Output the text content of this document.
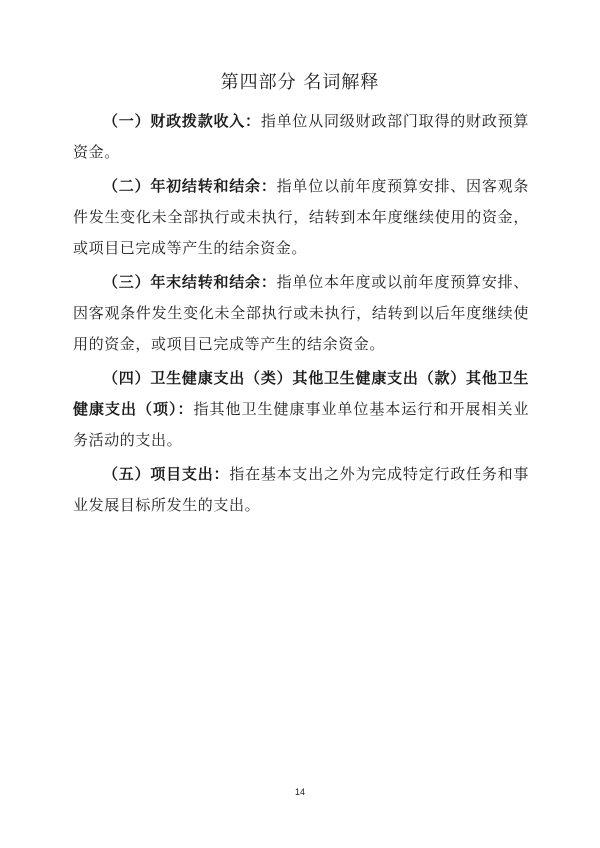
第四部分 名词解释

（一）财政拨款收入：指单位从同级财政部门取得的财政预算资金。

（二）年初结转和结余：指单位以前年度预算安排、因客观条件发生变化未全部执行或未执行，结转到本年度继续使用的资金，或项目已完成等产生的结余资金。

（三）年末结转和结余：指单位本年度或以前年度预算安排、因客观条件发生变化未全部执行或未执行，结转到以后年度继续使用的资金，或项目已完成等产生的结余资金。

（四）卫生健康支出（类）其他卫生健康支出（款）其他卫生健康支出（项）：指其他卫生健康事业单位基本运行和开展相关业务活动的支出。

（五）项目支出：指在基本支出之外为完成特定行政任务和事业发展目标所发生的支出。

14
